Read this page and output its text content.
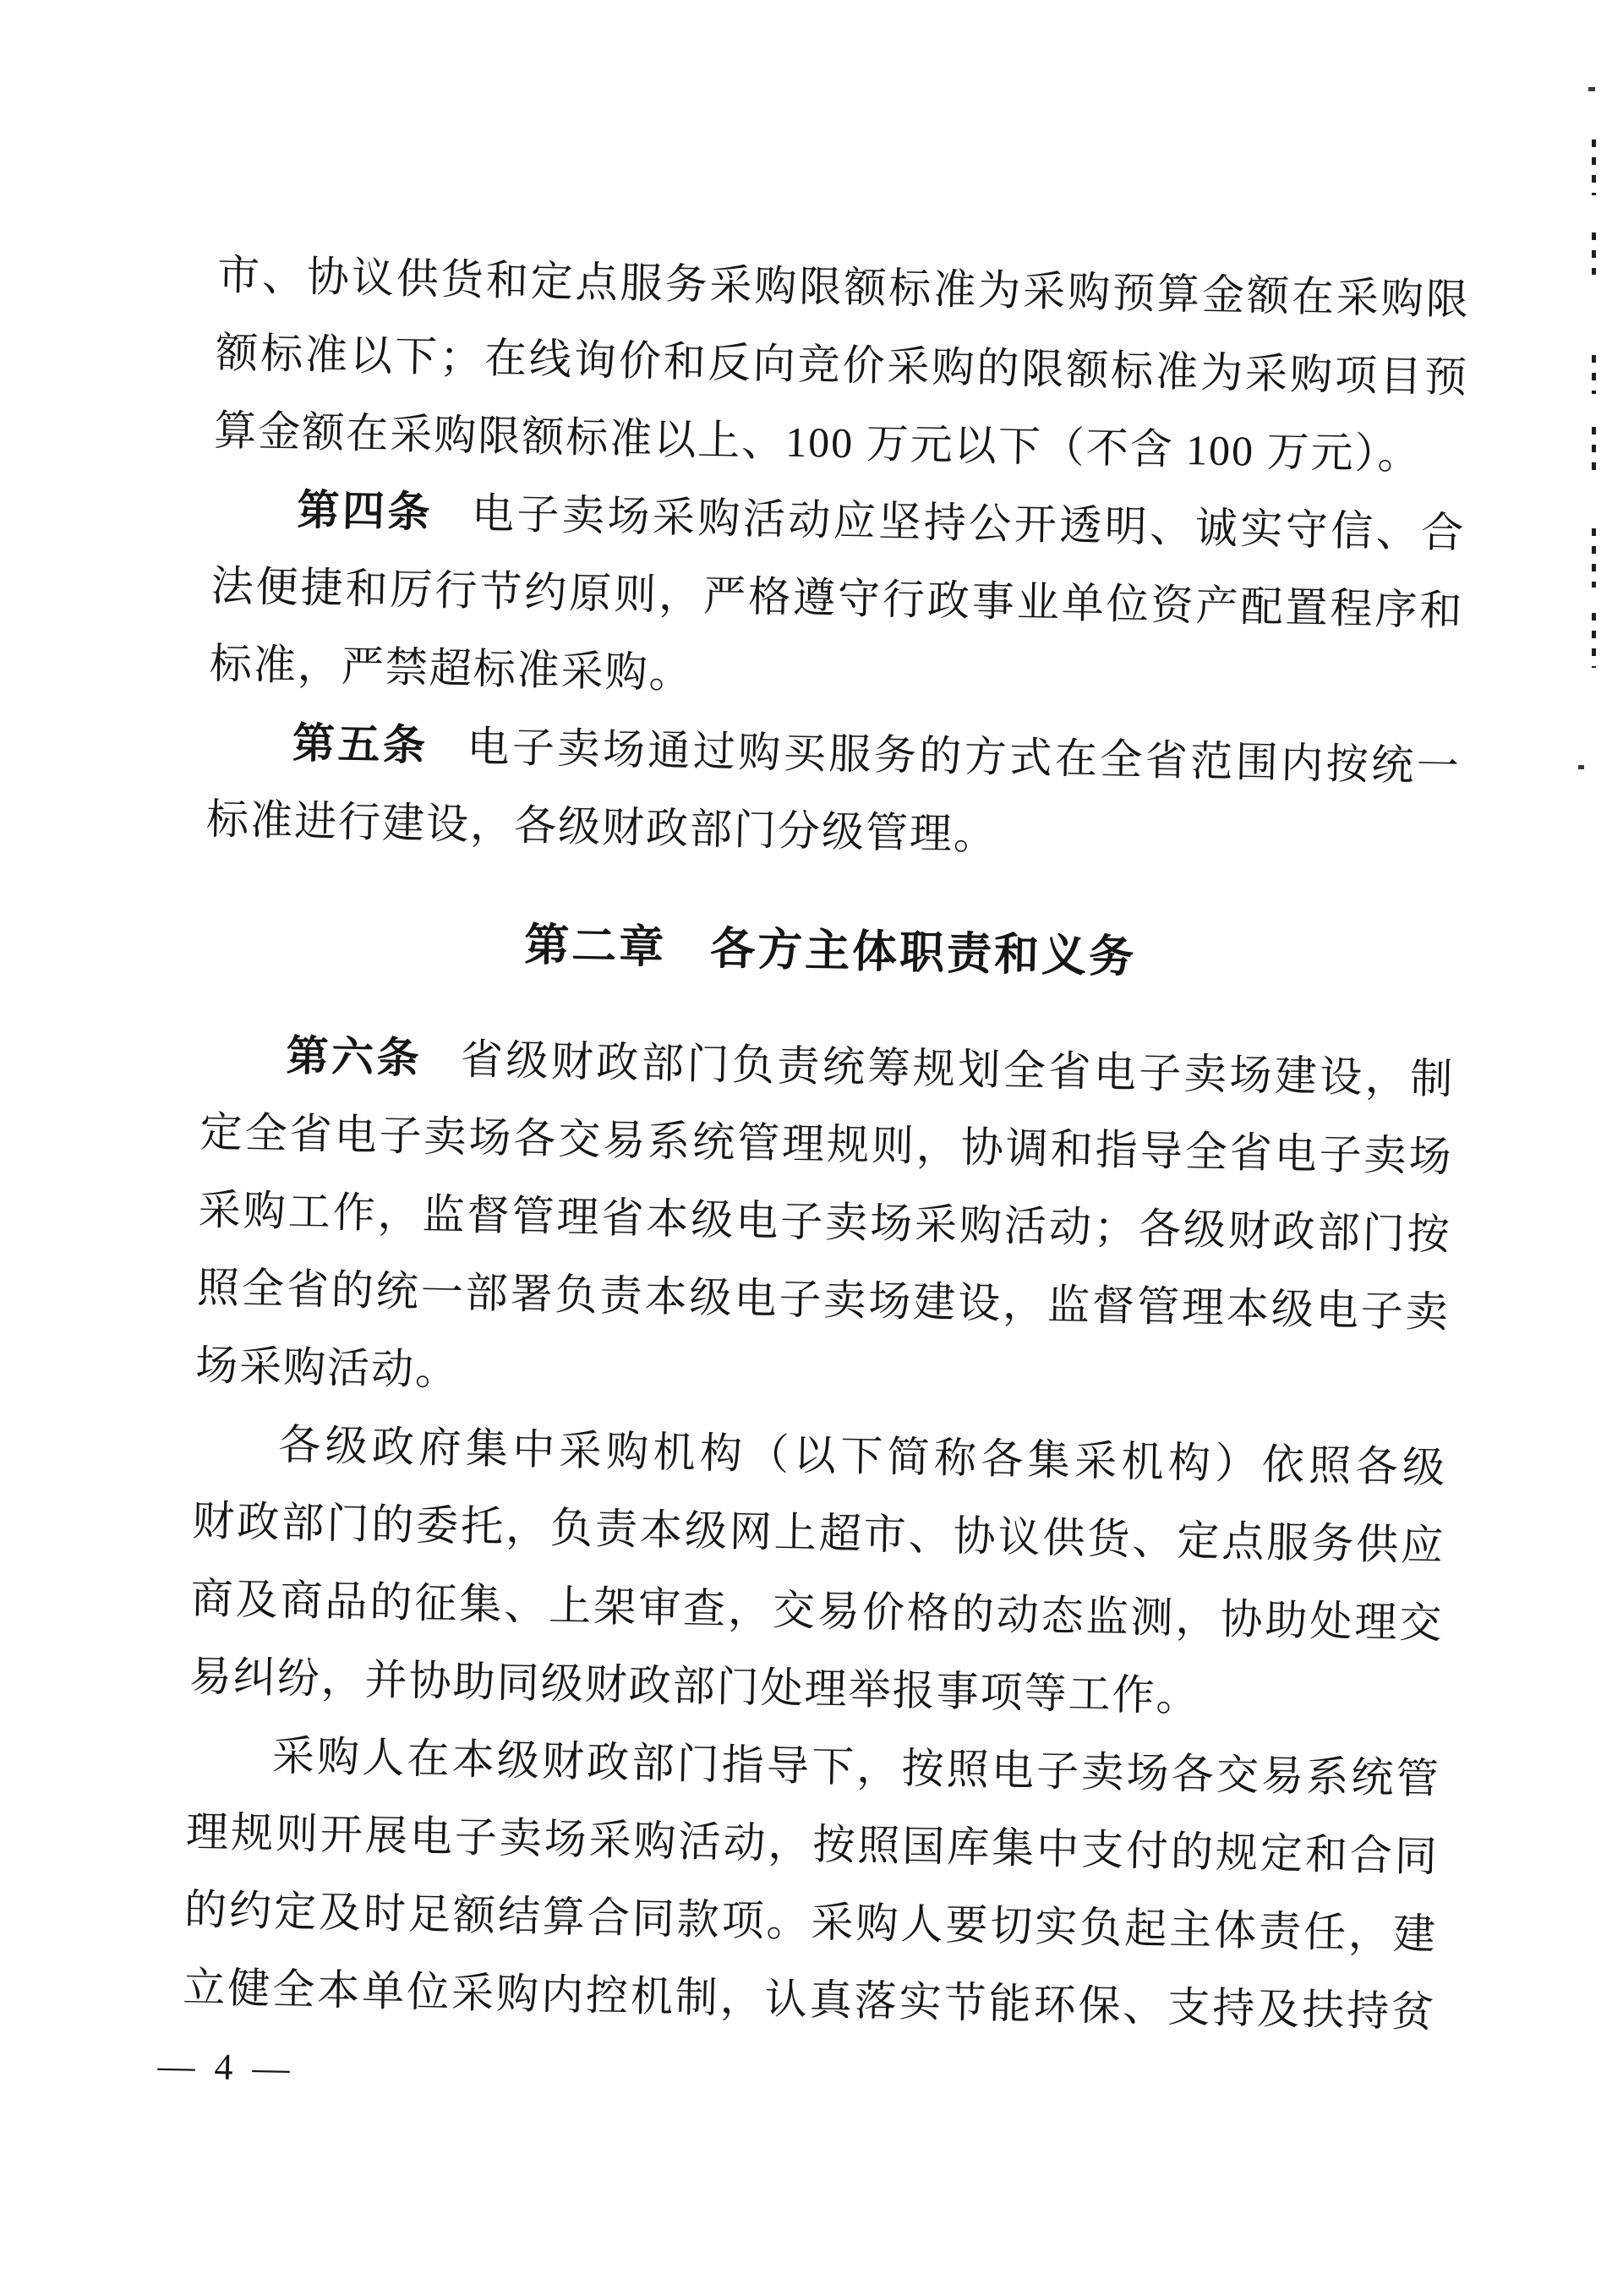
市、协议供货和定点服务采购限额标准为采购预算金额在采购限
额标准以下；在线询价和反向竞价采购的限额标准为采购项目预
算金额在采购限额标准以上、100 万元以下（不含 100 万元）。
第四条 电子卖场采购活动应坚持公开透明、诚实守信、合
法便捷和厉行节约原则，严格遵守行政事业单位资产配置程序和
标准，严禁超标准采购。
第五条 电子卖场通过购买服务的方式在全省范围内按统一
标准进行建设，各级财政部门分级管理。
第二章 各方主体职责和义务
第六条 省级财政部门负责统筹规划全省电子卖场建设，制
定全省电子卖场各交易系统管理规则，协调和指导全省电子卖场
采购工作，监督管理省本级电子卖场采购活动；各级财政部门按
照全省的统一部署负责本级电子卖场建设，监督管理本级电子卖
场采购活动。
各级政府集中采购机构（以下简称各集采机构）依照各级
财政部门的委托，负责本级网上超市、协议供货、定点服务供应
商及商品的征集、上架审查，交易价格的动态监测，协助处理交
易纠纷，并协助同级财政部门处理举报事项等工作。
采购人在本级财政部门指导下，按照电子卖场各交易系统管
理规则开展电子卖场采购活动，按照国库集中支付的规定和合同
的约定及时足额结算合同款项。采购人要切实负起主体责任，建
立健全本单位采购内控机制，认真落实节能环保、支持及扶持贫
— 4 —
